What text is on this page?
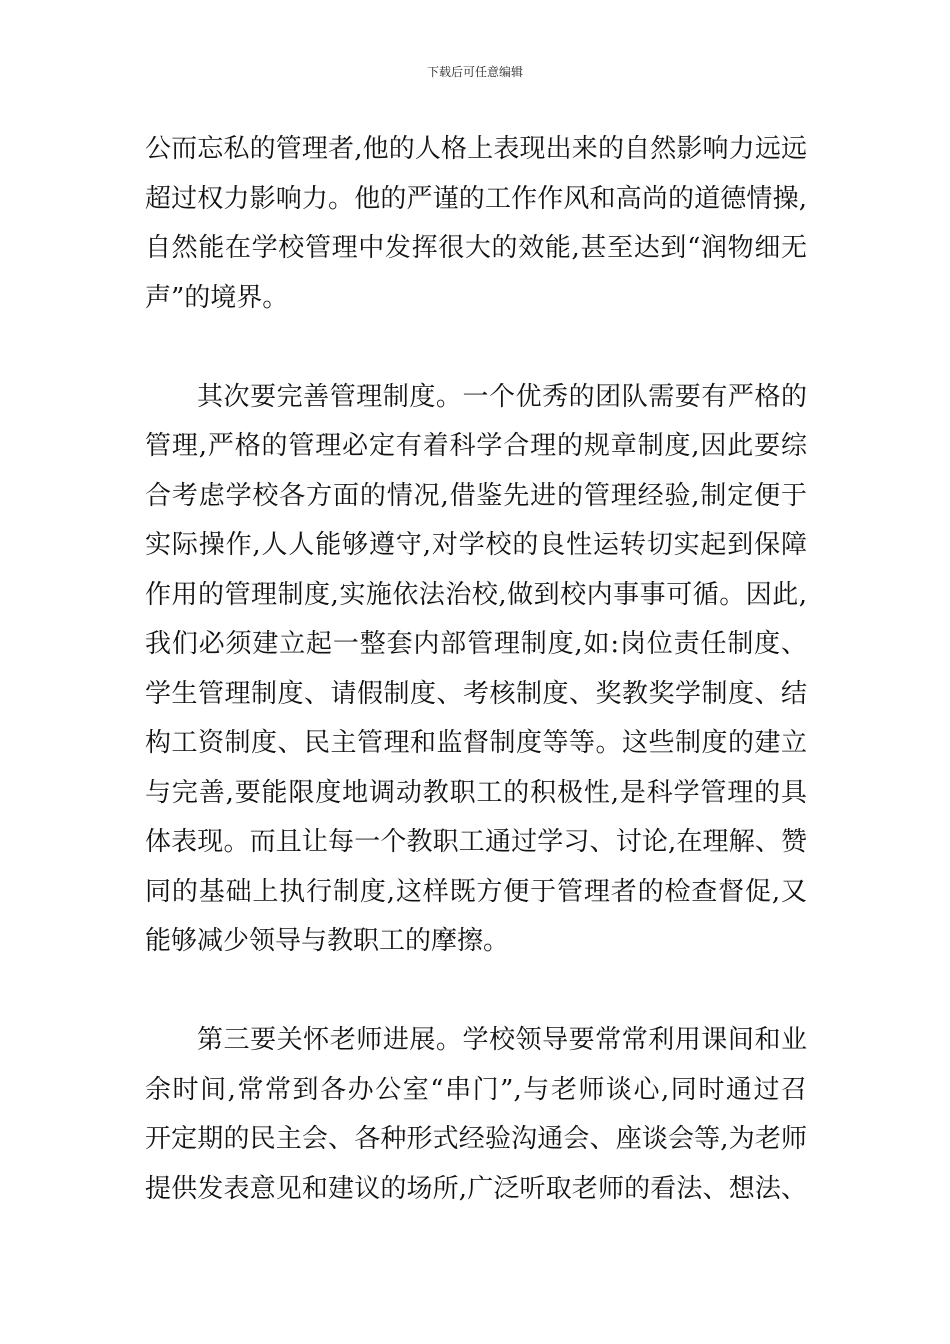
下载后可任意编辑

公而忘私的管理者,他的人格上表现出来的自然影响力远远
超过权力影响力。他的严谨的工作作风和高尚的道德情操,
自然能在学校管理中发挥很大的效能,甚至达到“润物细无
声”的境界。

其次要完善管理制度。一个优秀的团队需要有严格的
管理,严格的管理必定有着科学合理的规章制度,因此要综
合考虑学校各方面的情况,借鉴先进的管理经验,制定便于
实际操作,人人能够遵守,对学校的良性运转切实起到保障
作用的管理制度,实施依法治校,做到校内事事可循。因此,
我们必须建立起一整套内部管理制度,如:岗位责任制度、
学生管理制度、请假制度、考核制度、奖教奖学制度、结
构工资制度、民主管理和监督制度等等。这些制度的建立
与完善,要能限度地调动教职工的积极性,是科学管理的具
体表现。而且让每一个教职工通过学习、讨论,在理解、赞
同的基础上执行制度,这样既方便于管理者的检查督促,又
能够减少领导与教职工的摩擦。

第三要关怀老师进展。学校领导要常常利用课间和业
余时间,常常到各办公室“串门”,与老师谈心,同时通过召
开定期的民主会、各种形式经验沟通会、座谈会等,为老师
提供发表意见和建议的场所,广泛听取老师的看法、想法、
